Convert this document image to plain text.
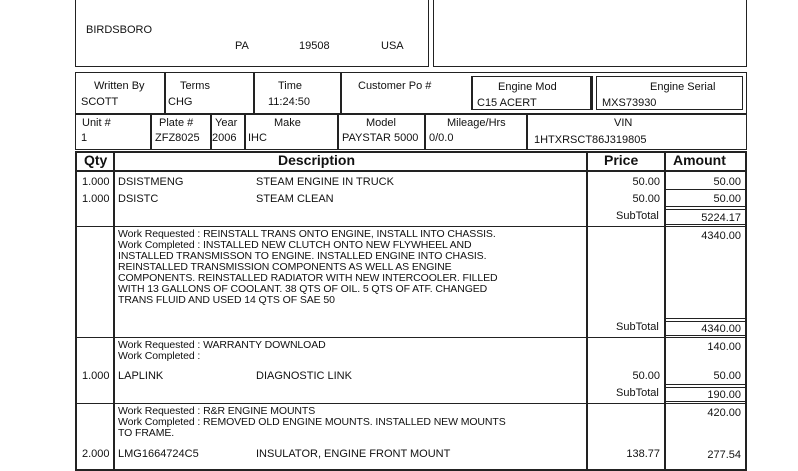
BIRDSBORO
PA	19508	USA
Written By	Terms	Time	Customer Po #	Engine Mod	Engine Serial
SCOTT	CHG	11:24:50	C15 ACERT	MXS73930
Unit #	Plate # Year	Make	Model	Mileage/Hrs	VIN
1	ZFZ8025 2006 IHC	PAYSTAR 5000 0/0.0	1HTXRSCT86J319805
Qty	Description	Price Amount
1.000 DSISTMENG	STEAM ENGINE IN TRUCK	50.00	50.00
1.000 DSISTC	STEAM CLEAN	50.00	50.00
SubTotal	5224.17
Work Requested : REINSTALL TRANS ONTO ENGINE, INSTALL INTO CHASSIS.
Work Completed : INSTALLED NEW CLUTCH ONTO NEW FLYWHEEL AND
INSTALLED TRANSMISSON TO ENGINE. INSTALLED ENGINE INTO CHASIS.
REINSTALLED TRANSMISSION COMPONENTS AS WELL AS ENGINE
COMPONENTS. REINSTALLED RADIATOR WITH NEW INTERCOOLER. FILLED
WITH 13 GALLONS OF COOLANT. 38 QTS OF OIL. 5 QTS OF ATF. CHANGED
TRANS FLUID AND USED 14 QTS OF SAE 50
4340.00
SubTotal	4340.00
Work Requested : WARRANTY DOWNLOAD
Work Completed :
140.00
1.000 LAPLINK	DIAGNOSTIC LINK	50.00	50.00
SubTotal	190.00
Work Requested : R&R ENGINE MOUNTS
Work Completed : REMOVED OLD ENGINE MOUNTS. INSTALLED NEW MOUNTS
TO FRAME.
420.00
2.000 LMG1664724C5	INSULATOR, ENGINE FRONT MOUNT	138.77	277.54
